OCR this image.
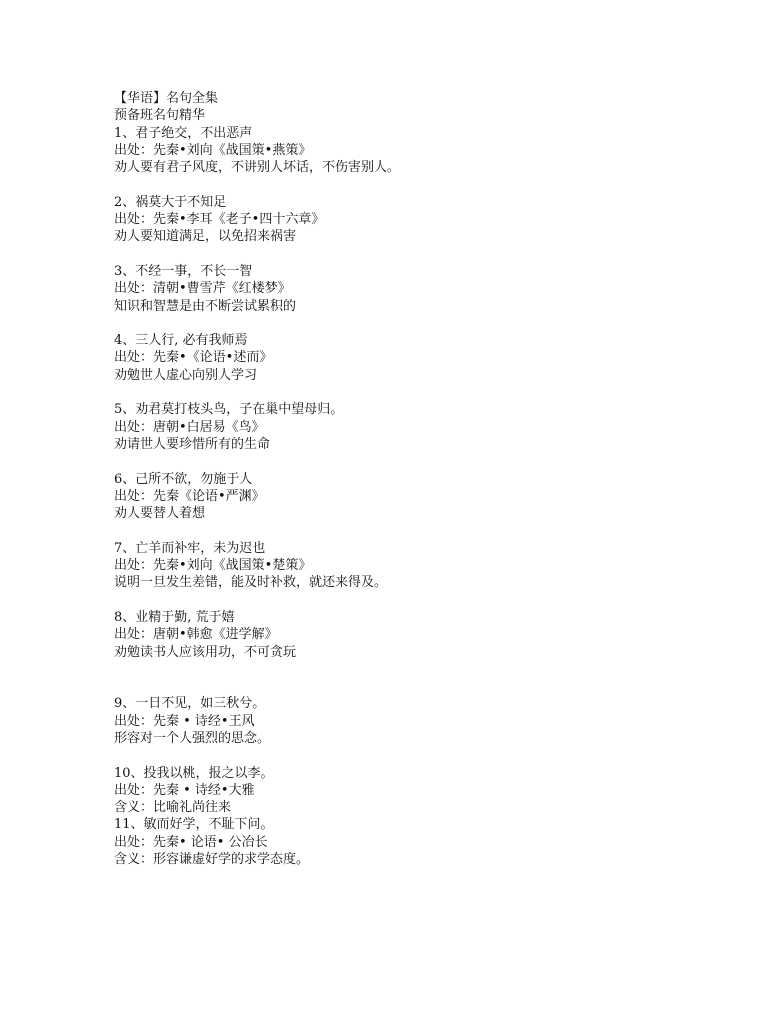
【华语】名句全集
预备班名句精华
1、君子绝交，不出恶声
出处：先秦•刘向《战国策•燕策》
劝人要有君子风度，不讲别人坏话，不伤害别人。
2、祸莫大于不知足
出处：先秦•李耳《老子•四十六章》
劝人要知道满足，以免招来祸害
3、不经一事，不长一智
出处：清朝•曹雪芹《红楼梦》
知识和智慧是由不断尝试累积的
4、三人行, 必有我师焉
出处：先秦•《论语•述而》
劝勉世人虚心向别人学习
5、劝君莫打枝头鸟，子在巢中望母归。
出处：唐朝•白居易《鸟》
劝请世人要珍惜所有的生命
6、己所不欲，勿施于人
出处：先秦《论语•严渊》
劝人要替人着想
7、亡羊而补牢，未为迟也
出处：先秦•刘向《战国策•楚策》
说明一旦发生差错，能及时补救，就还来得及。
8、业精于勤, 荒于嬉
出处：唐朝•韩愈《进学解》
劝勉读书人应该用功，不可贪玩
9、一日不见，如三秋兮。
出处：先秦 • 诗经•王风
形容对一个人强烈的思念。
10、投我以桃，报之以李。
出处：先秦 • 诗经•大雅
含义：比喻礼尚往来
11、敏而好学，不耻下问。
出处：先秦• 论语• 公冶长
含义：形容谦虚好学的求学态度。
